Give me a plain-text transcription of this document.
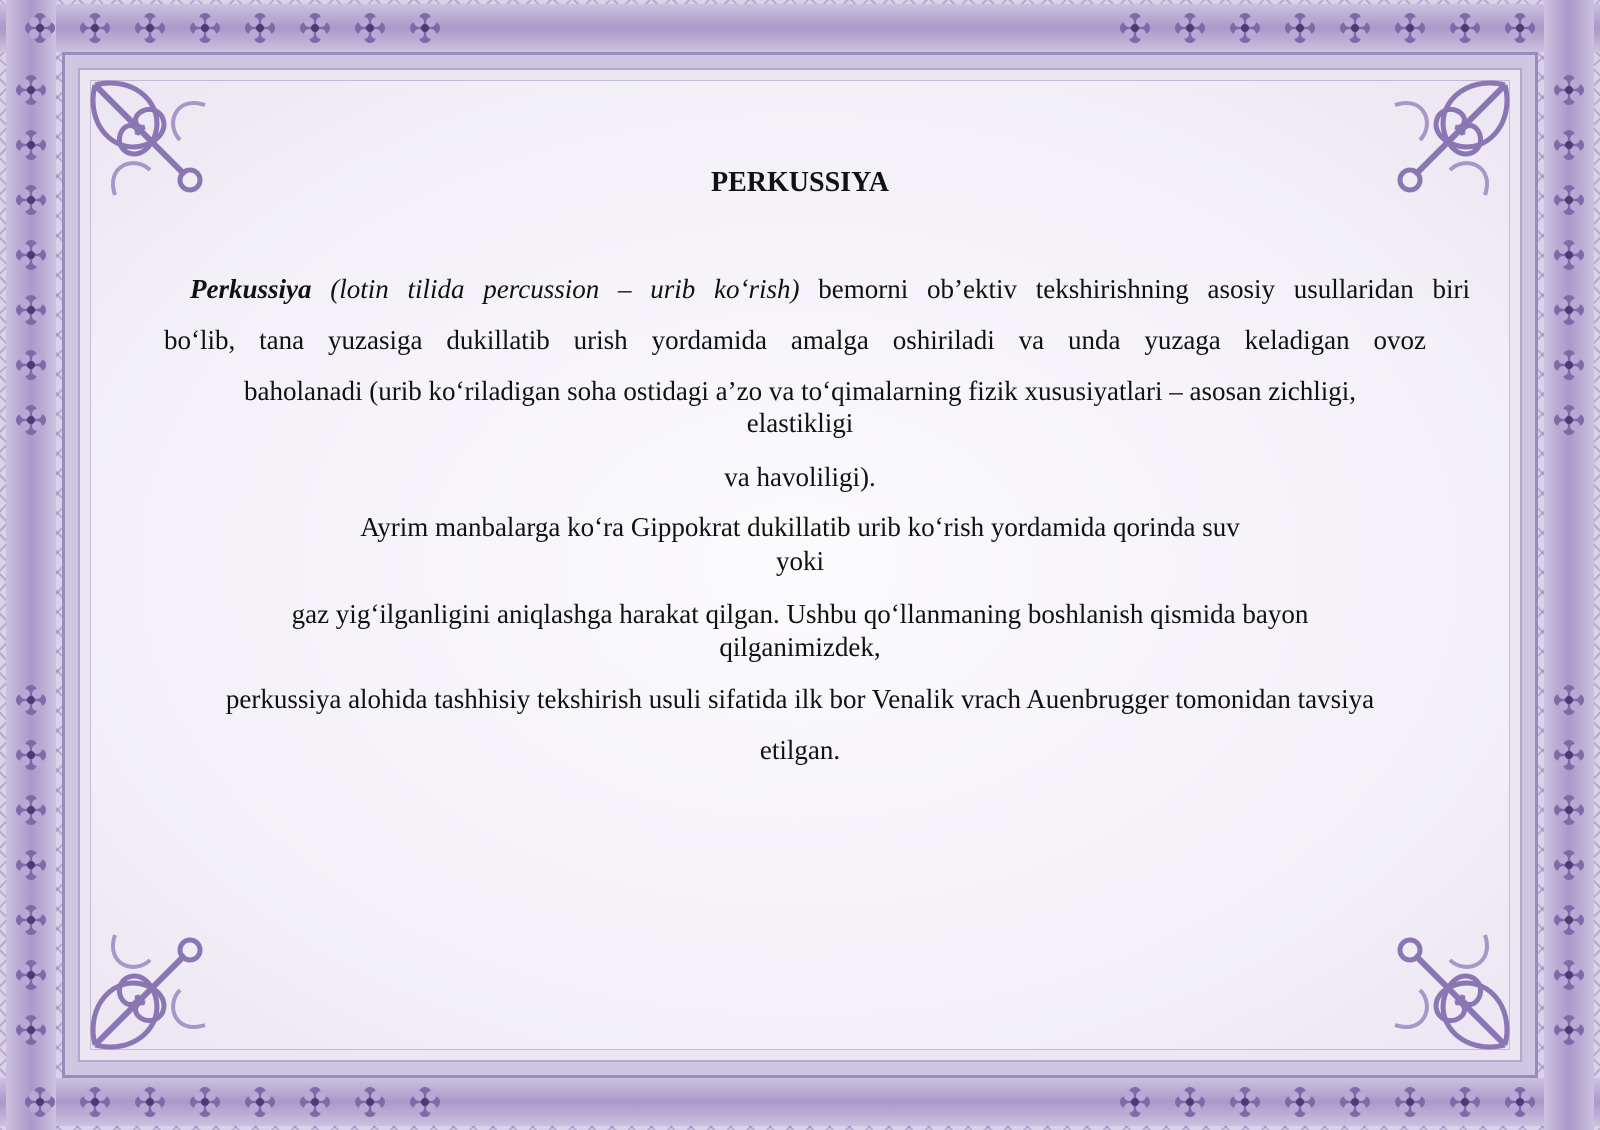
PERKUSSIYA
Perkussiya (lotin tilida percussion – urib ko‘rish) bemorni ob’ektiv tekshirishning asosiy usullaridan biri
bo‘lib, tana yuzasiga dukillatib urish yordamida amalga oshiriladi va unda yuzaga keladigan ovoz
baholanadi (urib ko‘riladigan soha ostidagi a’zo va to‘qimalarning fizik xususiyatlari – asosan zichligi,
elastikligi
va havoliligi).
Ayrim manbalarga ko‘ra Gippokrat dukillatib urib ko‘rish yordamida qorinda suv
yoki
gaz yig‘ilganligini aniqlashga harakat qilgan. Ushbu qo‘llanmaning boshlanish qismida bayon
qilganimizdek,
perkussiya alohida tashhisiy tekshirish usuli sifatida ilk bor Venalik vrach Auenbrugger tomonidan tavsiya
etilgan.
